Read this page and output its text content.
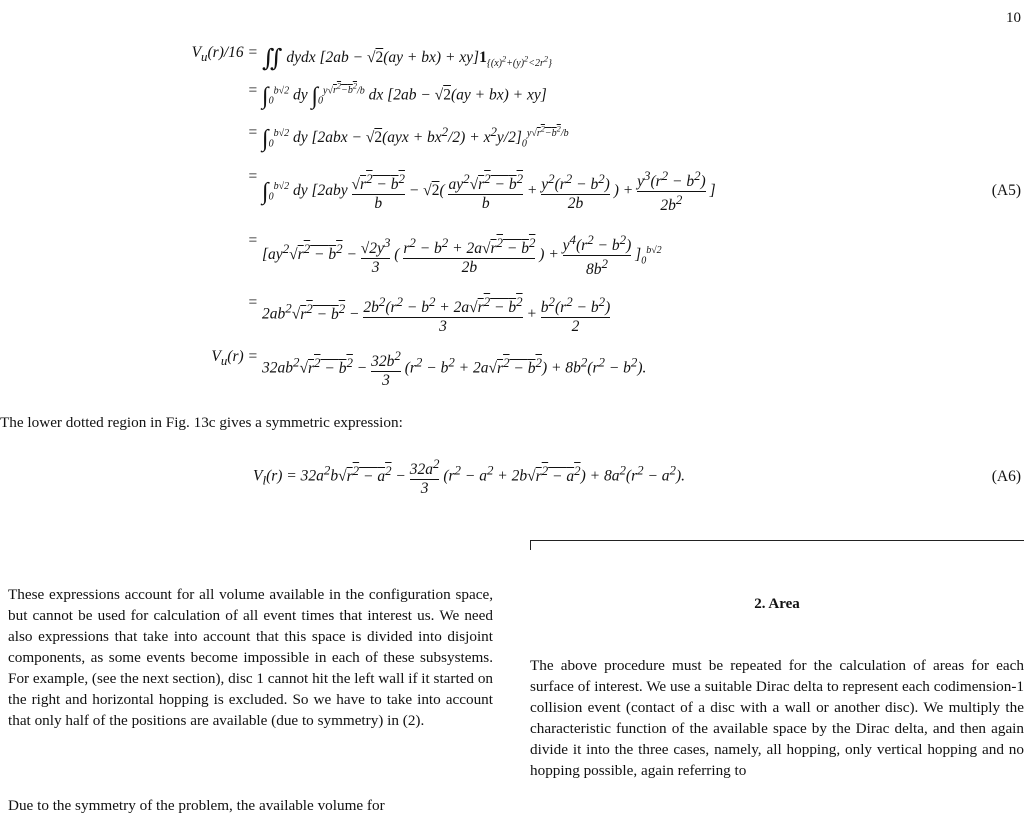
10
$V_u(r)/16$ = ∬ dydx $[2ab - √2(ay + bx) + xy]1_{\{(x)^2+(y)^2<2r^2\}}$
= $\int_0^{b√2}$ dy $\int_0^{y√r^2-b^2/b}$ dx [2ab − √2(ay + bx) + xy]
= $\int_0^{b√2}$ dy $[2abx - √2(ayx + bx^2/2) + x^2y/2]_0^{y√r^2-b^2/b}$
=
$\int_0^{b√2}$ dy [$2aby \frac{√r^2 - b^2}{b} - √2( \frac{ay^2√r^2 - b^2}{b} + \frac{y^2(r^2 - b^2)}{2b}$ ) + $\frac{y^3(r^2 - b^2)}{2b^2}$ ]	(A5)
=
[$ay^2√r^2 - b^2 - \frac{√2y^3}{3}$ ( $\frac{r^2 - b^2 + 2a√r^2 - b^2}{2b}$ ) + $\frac{y^4(r^2 - b^2)}{8b^2} ]_0^{b√2}$
=
$2ab^2√r^2 - b^2 - \frac{2b^2(r^2 - b^2 + 2a√r^2 - b^2}{3} + \frac{b^2(r^2 - b^2)}{2}$
$V_u(r)$ =
$32ab^2√r^2 - b^2 - \frac{32b^2}{3} (r^2 - b^2 + 2a√r^2 - b^2) + 8b^2(r^2 - b^2)$.
The lower dotted region in Fig. 13c gives a symmetric expression:
$V_l(r) = 32a^2b√r^2 - a^2 - \frac{32a^2}{3} (r^2 - a^2 + 2b√r^2 - a^2) + 8a^2(r^2 - a^2)$.	(A6)
These expressions account for all volume available in the configuration space, but cannot be used for calculation of all event times that interest us. We need also expressions that take into account that this space is divided into disjoint components, as some events become impossible in each of these subsystems. For example, (see the next section), disc 1 cannot hit the left wall if it started on the right and horizontal hopping is excluded. So we have to take into account that only half of the positions are available (due to symmetry) in (2).
Due to the symmetry of the problem, the available volume for
2. Area
The above procedure must be repeated for the calculation of areas for each surface of interest. We use a suitable Dirac delta to represent each codimension-1 collision event (contact of a disc with a wall or another disc). We multiply the characteristic function of the available space by the Dirac delta, and then again divide it into the three cases, namely, all hopping, only vertical hopping and no hopping possible, again referring to
